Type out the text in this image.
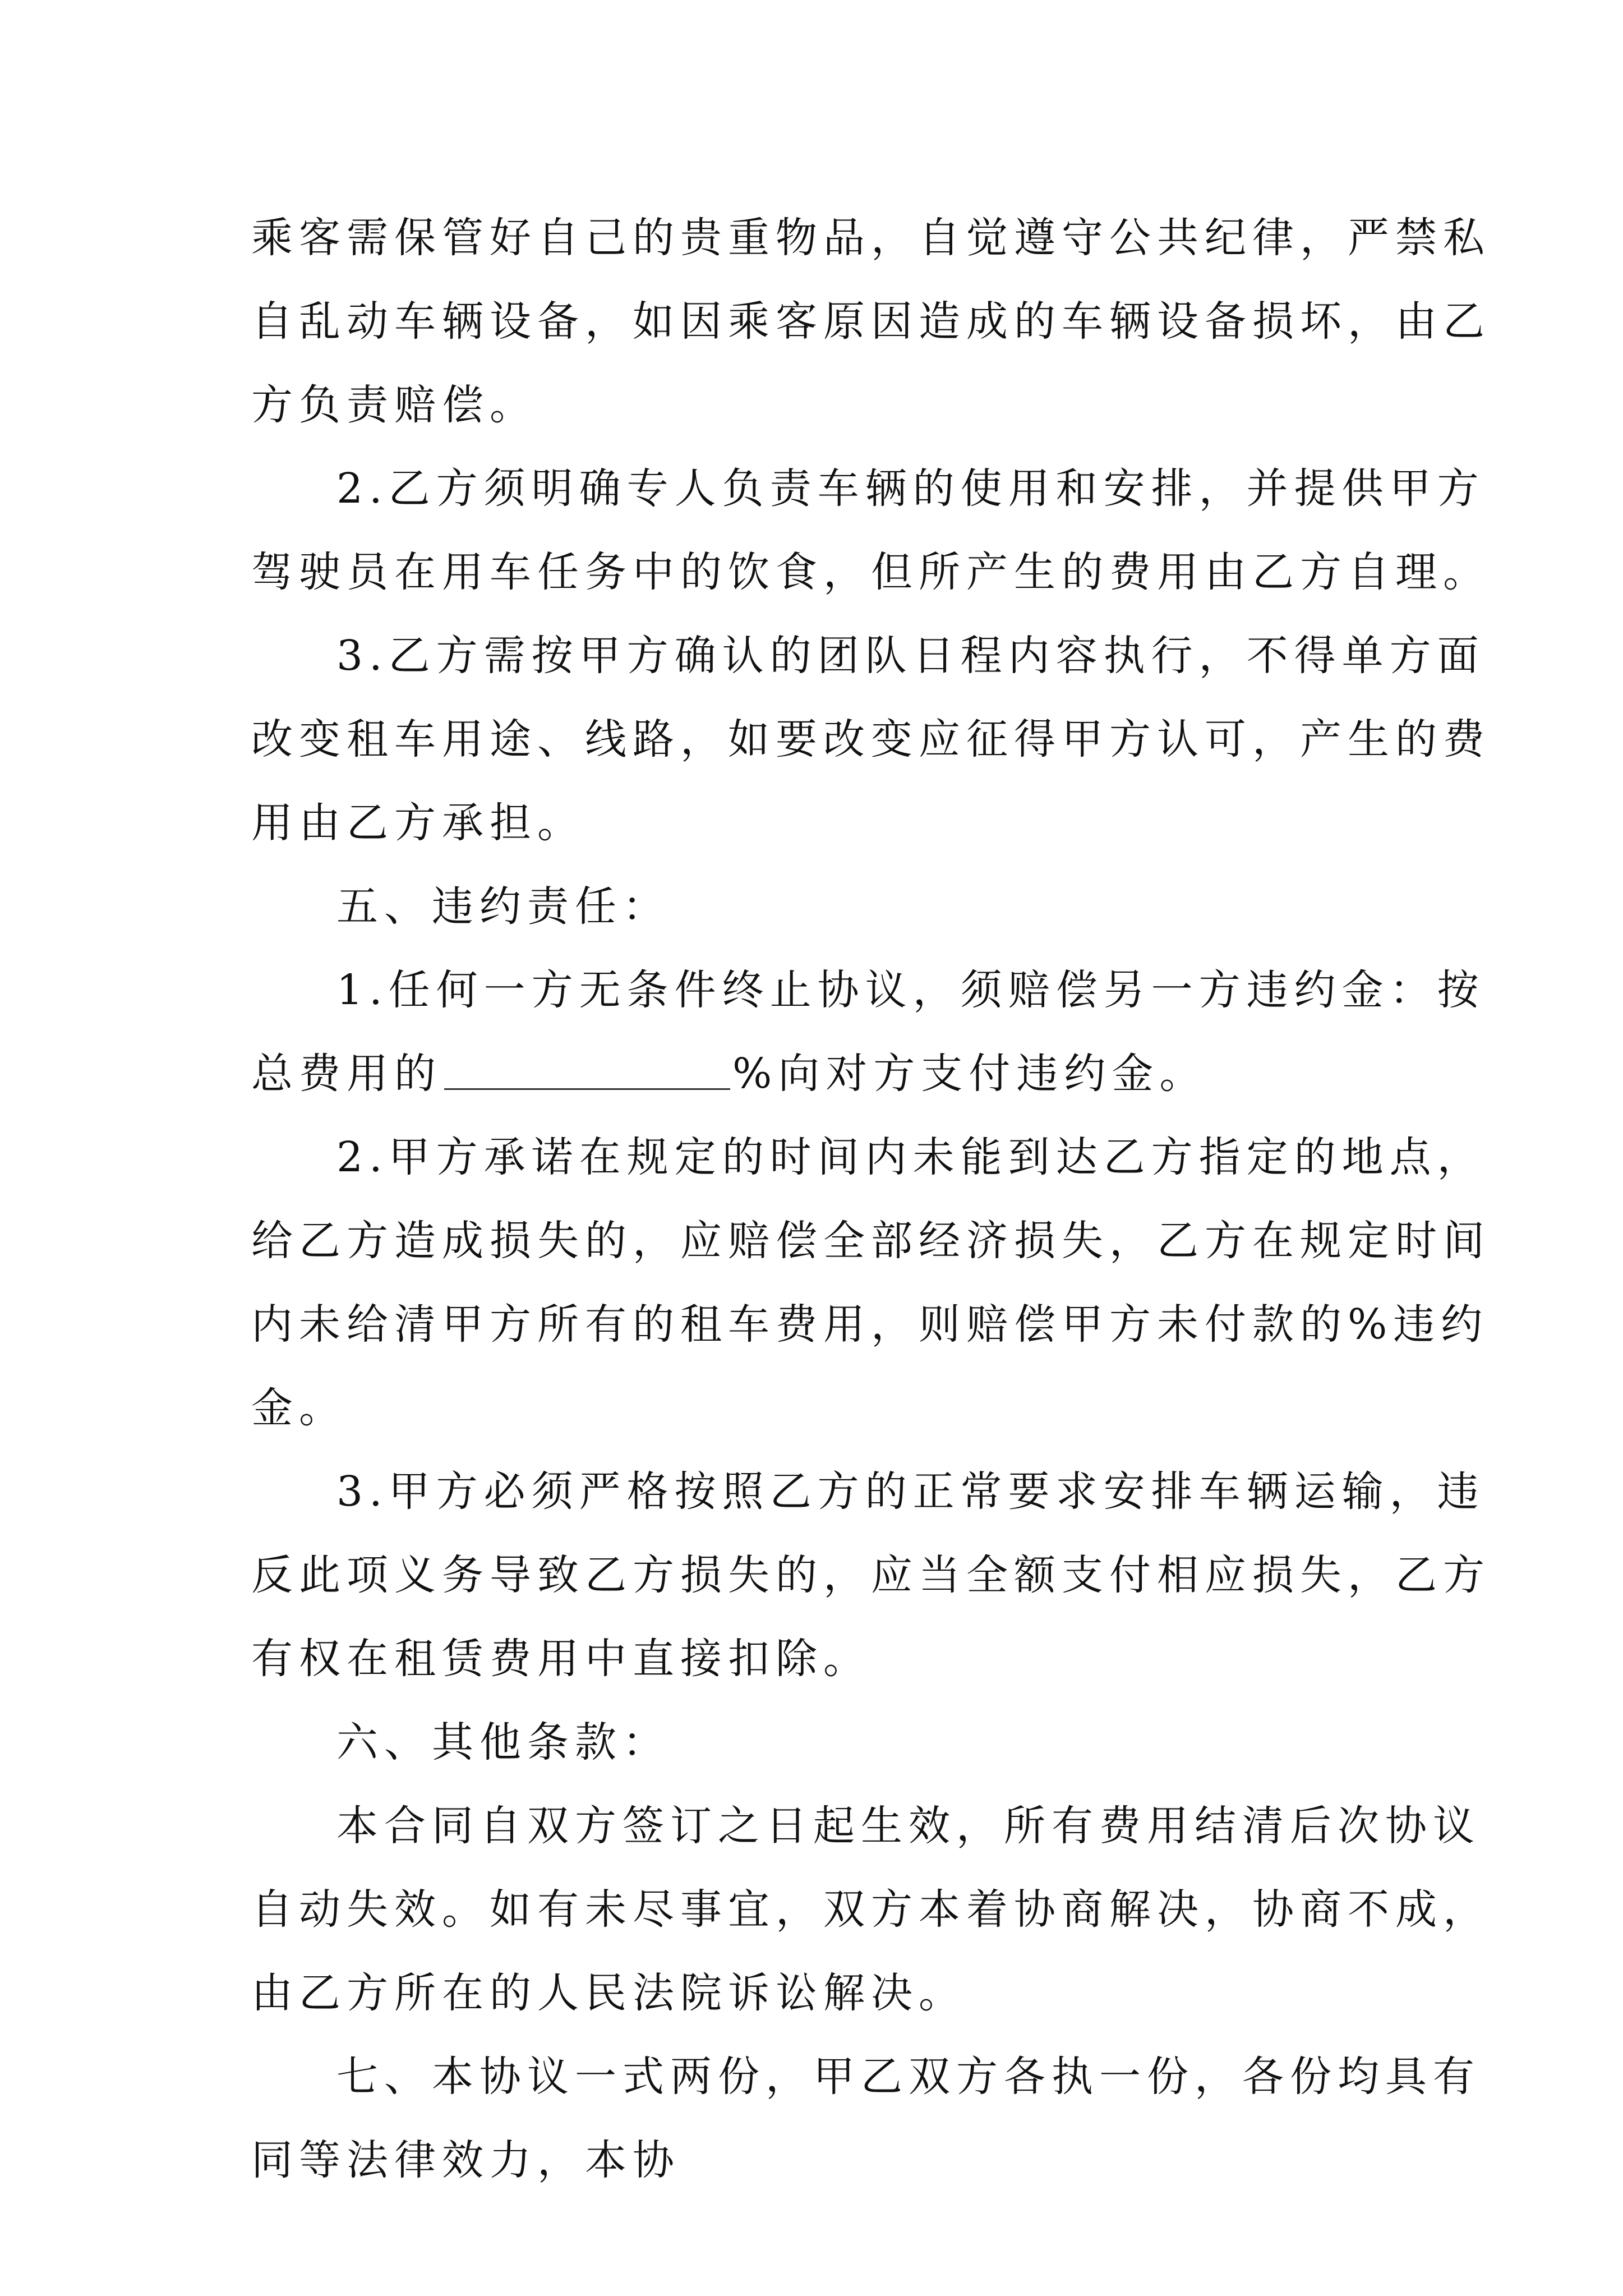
乘客需保管好自己的贵重物品，自觉遵守公共纪律，严禁私
自乱动车辆设备，如因乘客原因造成的车辆设备损坏，由乙
方负责赔偿。
2.乙方须明确专人负责车辆的使用和安排，并提供甲方
驾驶员在用车任务中的饮食，但所产生的费用由乙方自理。
3.乙方需按甲方确认的团队日程内容执行，不得单方面
改变租车用途、线路，如要改变应征得甲方认可，产生的费
用由乙方承担。
五、违约责任：
1.任何一方无条件终止协议，须赔偿另一方违约金：按
总费用的	%向对方支付违约金。
2.甲方承诺在规定的时间内未能到达乙方指定的地点，
给乙方造成损失的，应赔偿全部经济损失，乙方在规定时间
内未给清甲方所有的租车费用，则赔偿甲方未付款的%违约
金。
3.甲方必须严格按照乙方的正常要求安排车辆运输，违
反此项义务导致乙方损失的，应当全额支付相应损失，乙方
有权在租赁费用中直接扣除。
六、其他条款：
本合同自双方签订之日起生效，所有费用结清后次协议
自动失效。如有未尽事宜，双方本着协商解决，协商不成，
由乙方所在的人民法院诉讼解决。
七、本协议一式两份，甲乙双方各执一份，各份均具有
同等法律效力，本协
